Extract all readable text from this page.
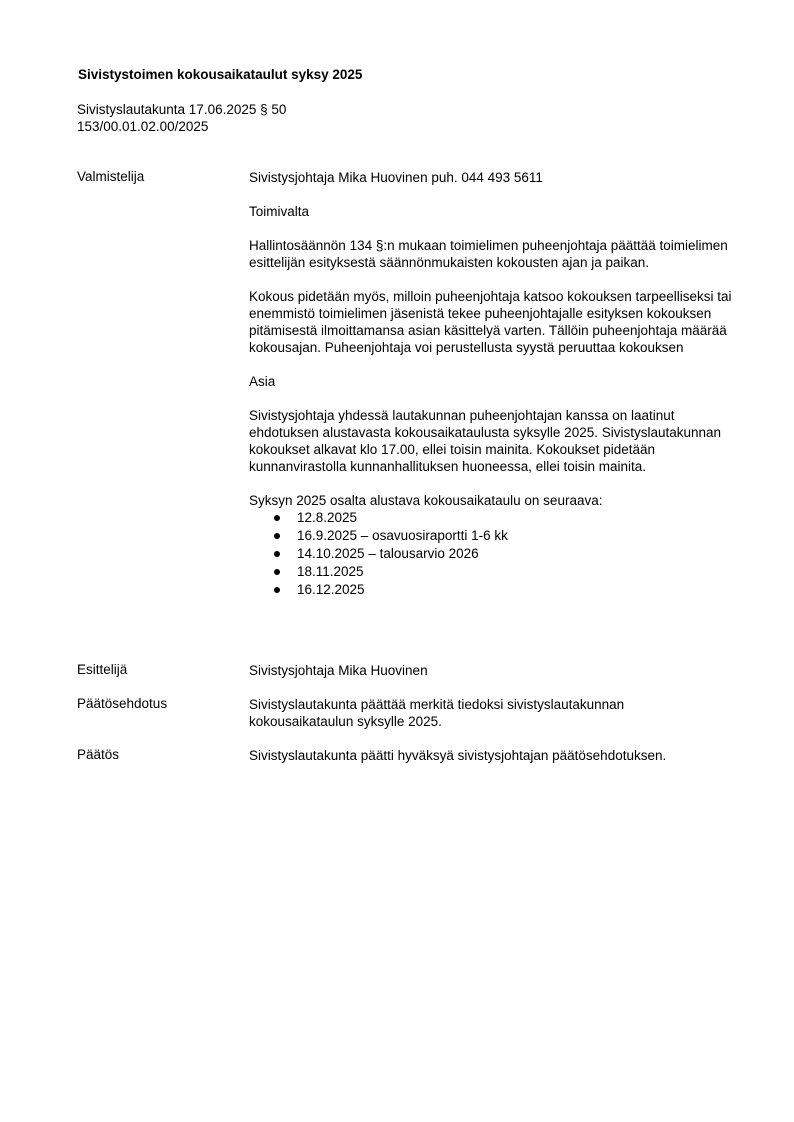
Sivistystoimen kokousaikataulut syksy 2025
Sivistyslautakunta 17.06.2025 § 50
153/00.01.02.00/2025
Valmistelija	Sivistysjohtaja Mika Huovinen puh. 044 493 5611

Toimivalta

Hallintosäännön 134 §:n mukaan toimielimen puheenjohtaja päättää toimielimen esittelijän esityksestä säännönmukaisten kokousten ajan ja paikan.

Kokous pidetään myös, milloin puheenjohtaja katsoo kokouksen tarpeelliseksi tai enemmistö toimielimen jäsenistä tekee puheenjohtajalle esityksen kokouksen pitämisestä ilmoittamansa asian käsittelyä varten. Tällöin puheenjohtaja määrää kokousajan. Puheenjohtaja voi perustellusta syystä peruuttaa kokouksen

Asia

Sivistysjohtaja yhdessä lautakunnan puheenjohtajan kanssa on laatinut ehdotuksen alustavasta kokousaikataulusta syksylle 2025. Sivistyslautakunnan kokoukset alkavat klo 17.00, ellei toisin mainita. Kokoukset pidetään kunnanvirastolla kunnanhallituksen huoneessa, ellei toisin mainita.

Syksyn 2025 osalta alustava kokousaikataulu on seuraava:

12.8.2025
16.9.2025 – osavuosiraportti 1-6 kk
14.10.2025 – talousarvio 2026
18.11.2025
16.12.2025
Esittelijä	Sivistysjohtaja Mika Huovinen
Päätösehdotus	Sivistyslautakunta päättää merkitä tiedoksi sivistyslautakunnan kokousaikataulun syksylle 2025.
Päätös	Sivistyslautakunta päätti hyväksyä sivistysjohtajan päätösehdotuksen.
